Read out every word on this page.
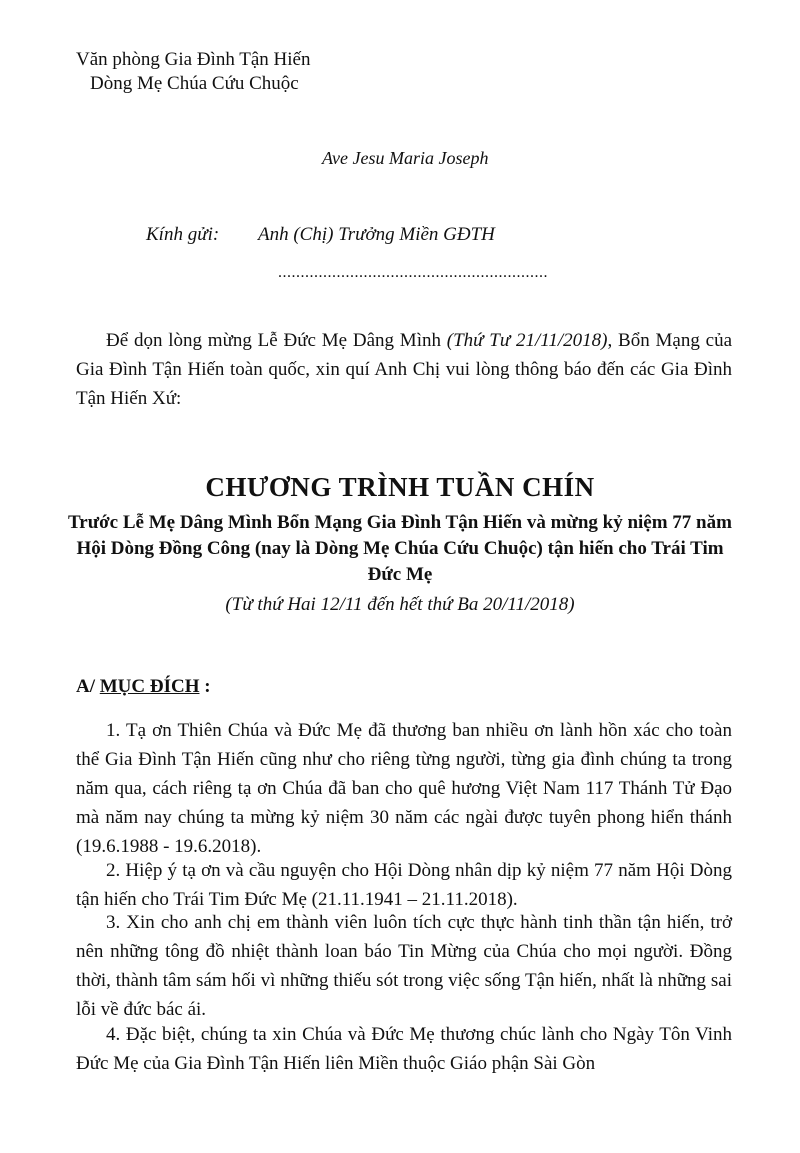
Văn phòng Gia Đình Tận Hiến
Dòng Mẹ Chúa Cứu Chuộc
Ave Jesu Maria Joseph
Kính gửi: Anh (Chị) Trưởng Miền GĐTH
............................................................
Để dọn lòng mừng Lễ Đức Mẹ Dâng Mình (Thứ Tư 21/11/2018), Bổn Mạng của Gia Đình Tận Hiến toàn quốc, xin quí Anh Chị vui lòng thông báo đến các Gia Đình Tận Hiến Xứ:
CHƯƠNG TRÌNH TUẦN CHÍN
Trước Lễ Mẹ Dâng Mình Bổn Mạng Gia Đình Tận Hiến và mừng kỷ niệm 77 năm Hội Dòng Đồng Công (nay là Dòng Mẹ Chúa Cứu Chuộc) tận hiến cho Trái Tim Đức Mẹ
(Từ thứ Hai 12/11 đến hết thứ Ba 20/11/2018)
A/ MỤC ĐÍCH :
1. Tạ ơn Thiên Chúa và Đức Mẹ đã thương ban nhiều ơn lành hồn xác cho toàn thể Gia Đình Tận Hiến cũng như cho riêng từng người, từng gia đình chúng ta trong năm qua, cách riêng tạ ơn Chúa đã ban cho quê hương Việt Nam 117 Thánh Tử Đạo mà năm nay chúng ta mừng kỷ niệm 30 năm các ngài được tuyên phong hiển thánh (19.6.1988 - 19.6.2018).
2. Hiệp ý tạ ơn và cầu nguyện cho Hội Dòng nhân dịp kỷ niệm 77 năm Hội Dòng tận hiến cho Trái Tim Đức Mẹ (21.11.1941 – 21.11.2018).
3. Xin cho anh chị em thành viên luôn tích cực thực hành tinh thần tận hiến, trở nên những tông đồ nhiệt thành loan báo Tin Mừng của Chúa cho mọi người. Đồng thời, thành tâm sám hối vì những thiếu sót trong việc sống Tận hiến, nhất là những sai lỗi về đức bác ái.
4. Đặc biệt, chúng ta xin Chúa và Đức Mẹ thương chúc lành cho Ngày Tôn Vinh Đức Mẹ của Gia Đình Tận Hiến liên Miền thuộc Giáo phận Sài Gòn
